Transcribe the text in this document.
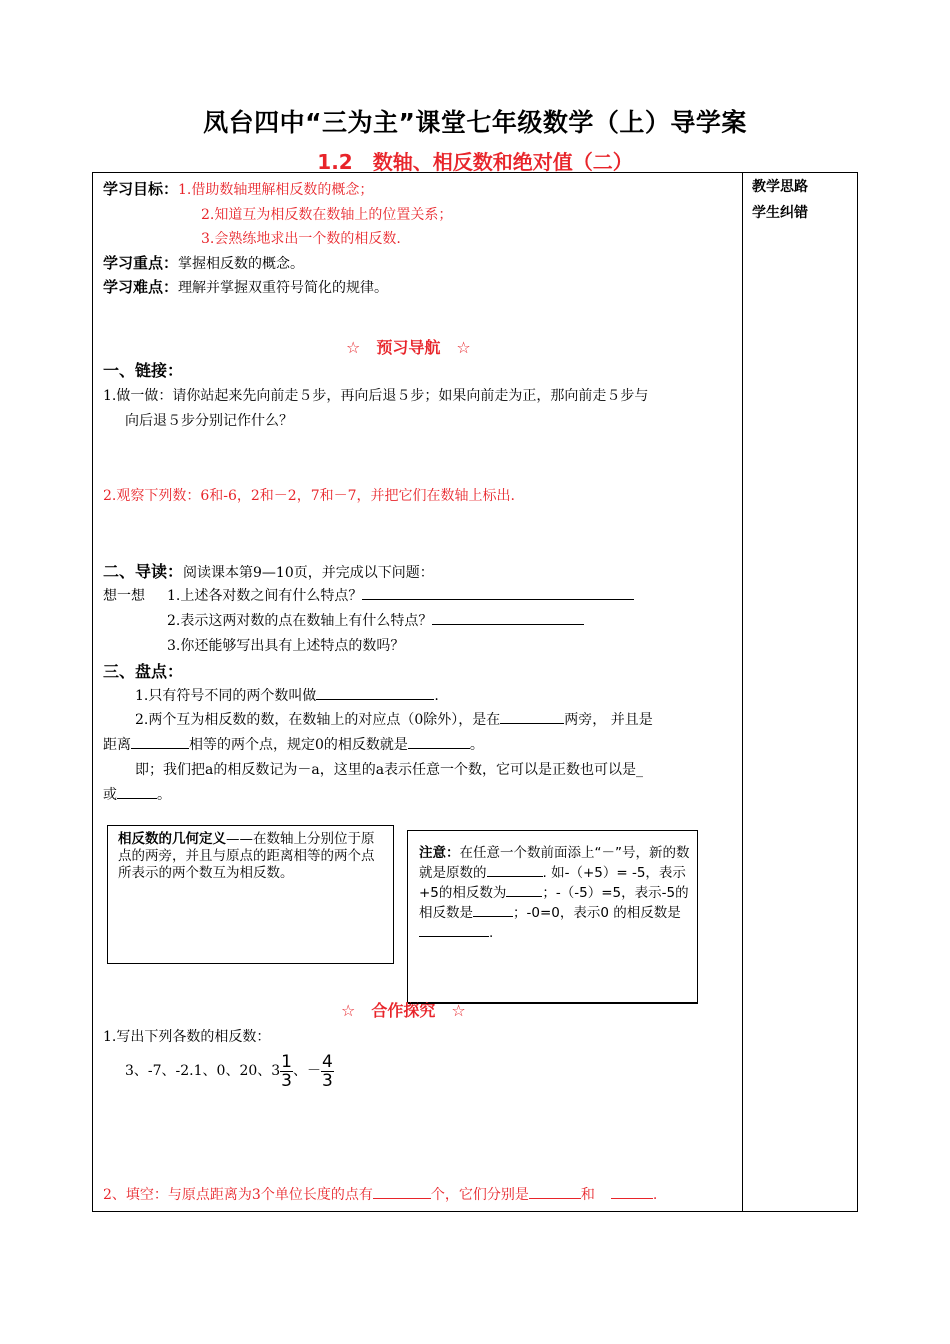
凤台四中“三为主”课堂七年级数学（上）导学案
1.2　数轴、相反数和绝对值（二）
教学思路
学生纠错
学习目标：1.借助数轴理解相反数的概念；
2.知道互为相反数在数轴上的位置关系；
3.会熟练地求出一个数的相反数.
学习重点：掌握相反数的概念。
学习难点：理解并掌握双重符号简化的规律。
☆　预习导航　☆
一、链接：
1.做一做：请你站起来先向前走５步，再向后退５步；如果向前走为正，那向前走５步与
向后退５步分别记作什么？
2.观察下列数：6和-6，2和－2，7和－7，并把它们在数轴上标出.
二、导读：阅读课本第9—10页，并完成以下问题：
想一想 1.上述各对数之间有什么特点？
2.表示这两对数的点在数轴上有什么特点？
3.你还能够写出具有上述特点的数吗？
三、盘点：
1.只有符号不同的两个数叫做	.
2.两个互为相反数的数，在数轴上的对应点（0除外），是在	两旁， 并且是
距离	相等的两个点，规定0的相反数就是	。
即；我们把a的相反数记为－a，这里的a表示任意一个数，它可以是正数也可以是_
或	。
相反数的几何定义——在数轴上分别位于原点的两旁，并且与原点的距离相等的两个点所表示的两个数互为相反数。
☆　合作探究　☆
注意：在任意一个数前面添上“－”号，新的数就是原数的	. 如-（+5）= -5，表示+5的相反数为	；-（-5）=5，表示-5的相反数是	；-0=0，表示0 的相反数是.
1.写出下列各数的相反数：
3、-7、-2.1、0、20、$3 \frac{1}{3}$ 、－ $\frac{4}{3}$
2、填空：与原点距离为3个单位长度的点有	个，它们分别是	和	.
